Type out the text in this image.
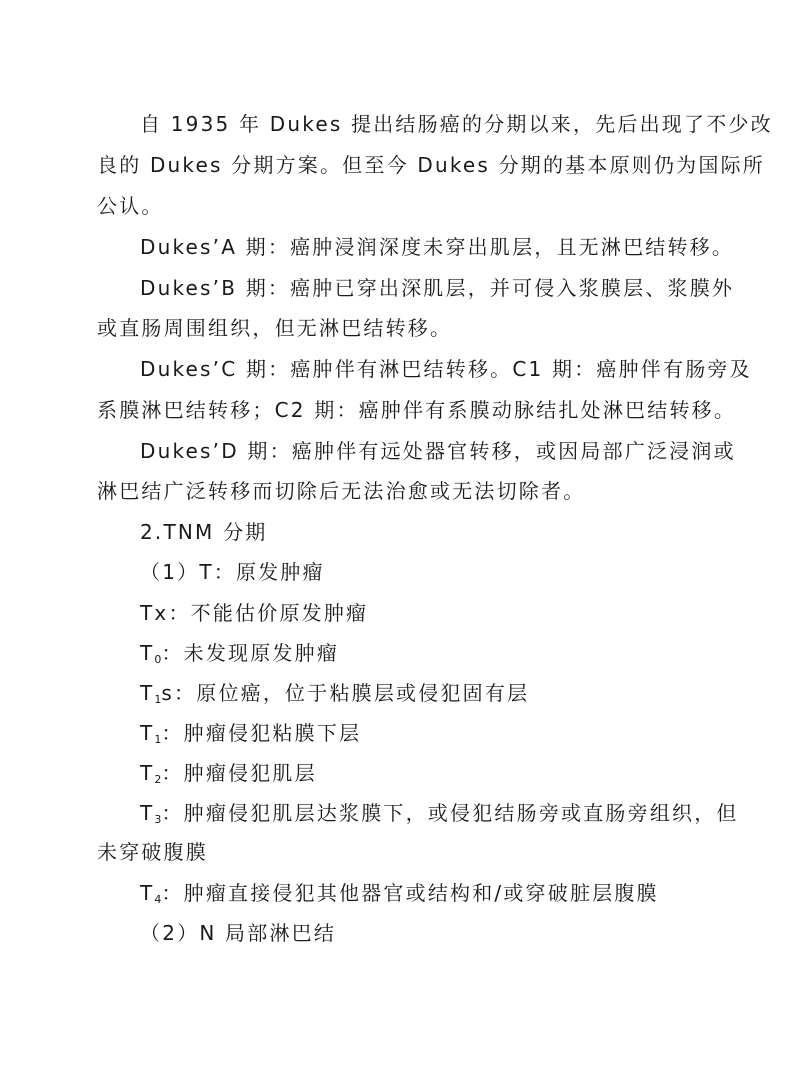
自 1935 年 Dukes 提出结肠癌的分期以来，先后出现了不少改
良的 Dukes 分期方案。但至今 Dukes 分期的基本原则仍为国际所
公认。
Dukes’A 期：癌肿浸润深度未穿出肌层，且无淋巴结转移。
Dukes’B 期：癌肿已穿出深肌层，并可侵入浆膜层、浆膜外
或直肠周围组织，但无淋巴结转移。
Dukes’C 期：癌肿伴有淋巴结转移。C1 期：癌肿伴有肠旁及
系膜淋巴结转移；C2 期：癌肿伴有系膜动脉结扎处淋巴结转移。
Dukes’D 期：癌肿伴有远处器官转移，或因局部广泛浸润或
淋巴结广泛转移而切除后无法治愈或无法切除者。
2.TNM 分期
（1）T：原发肿瘤
Tx：不能估价原发肿瘤
$T_0$：未发现原发肿瘤
$T_1s$：原位癌，位于粘膜层或侵犯固有层
$T_1$：肿瘤侵犯粘膜下层
$T_2$：肿瘤侵犯肌层
$T_3$：肿瘤侵犯肌层达浆膜下，或侵犯结肠旁或直肠旁组织，但
未穿破腹膜
$T_4$：肿瘤直接侵犯其他器官或结构和/或穿破脏层腹膜
（2）N 局部淋巴结
